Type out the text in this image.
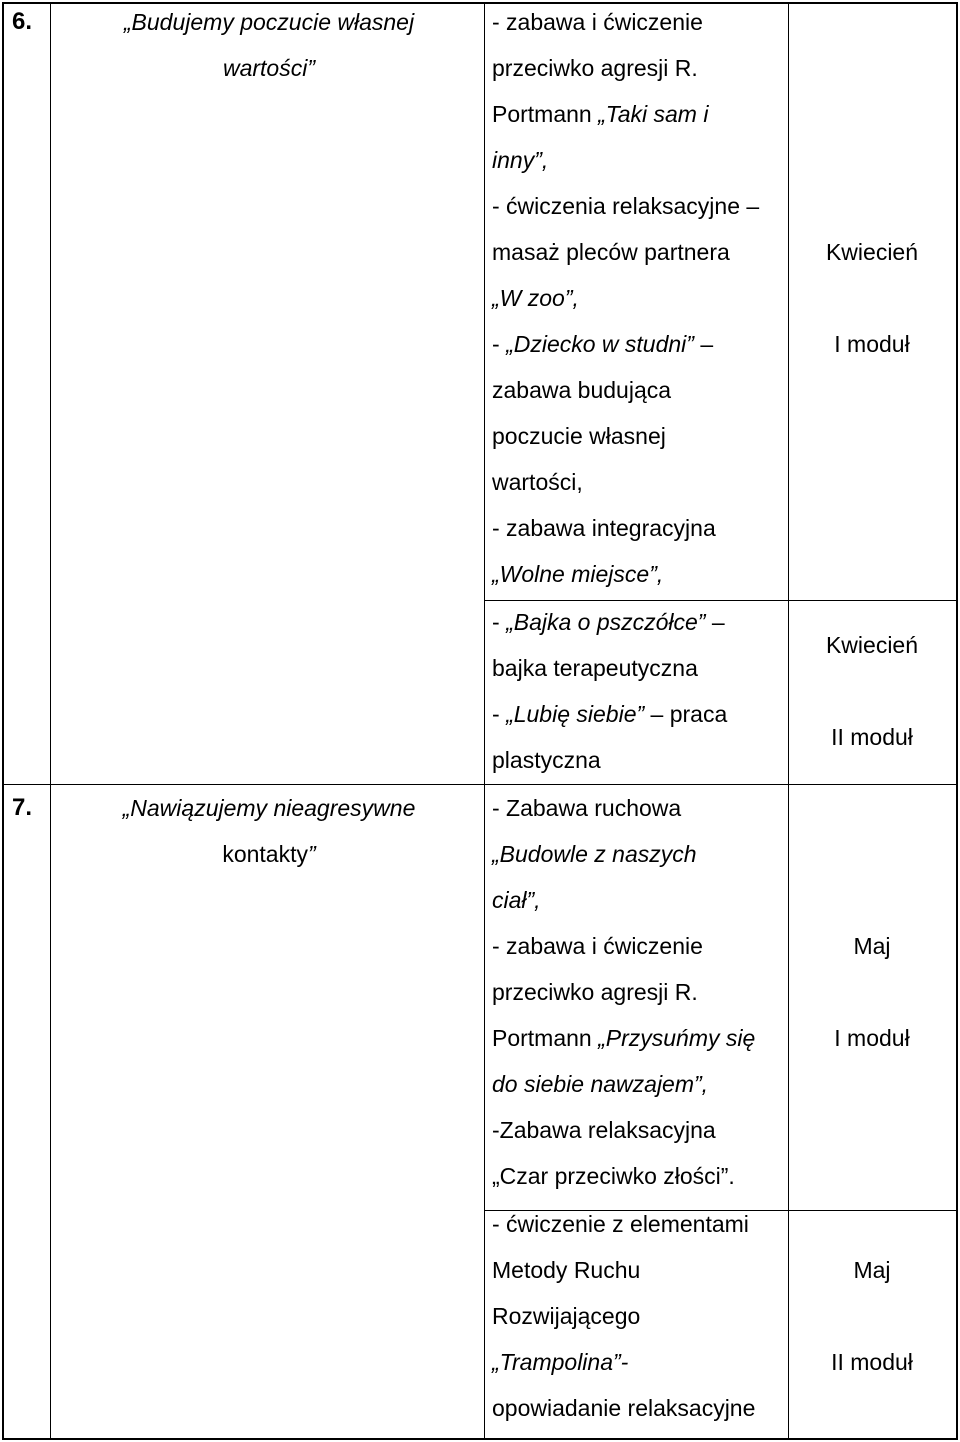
6.	„Budujemy poczucie własnej
wartości”
- zabawa i ćwiczenie
przeciwko agresji R.
Portmann „Taki sam i
inny”,
- ćwiczenia relaksacyjne –
masaż pleców partnera
„W zoo”,
- „Dziecko w studni” –
zabawa budująca
poczucie własnej
wartości,
- zabawa integracyjna
„Wolne miejsce”,
- „Bajka o pszczółce” –
bajka terapeutyczna
- „Lubię siebie” – praca
plastyczna
Kwiecień
I moduł
Kwiecień
II moduł
7.	„Nawiązujemy nieagresywne
kontakty”
- Zabawa ruchowa
„Budowle z naszych
ciał”,
- zabawa i ćwiczenie
przeciwko agresji R.
Portmann „Przysuńmy się
do siebie nawzajem”,
-Zabawa relaksacyjna
„Czar przeciwko złości”.
- ćwiczenie z elementami
Metody Ruchu
Rozwijającego
„Trampolina”-
opowiadanie relaksacyjne
Maj
I moduł
Maj
II moduł
